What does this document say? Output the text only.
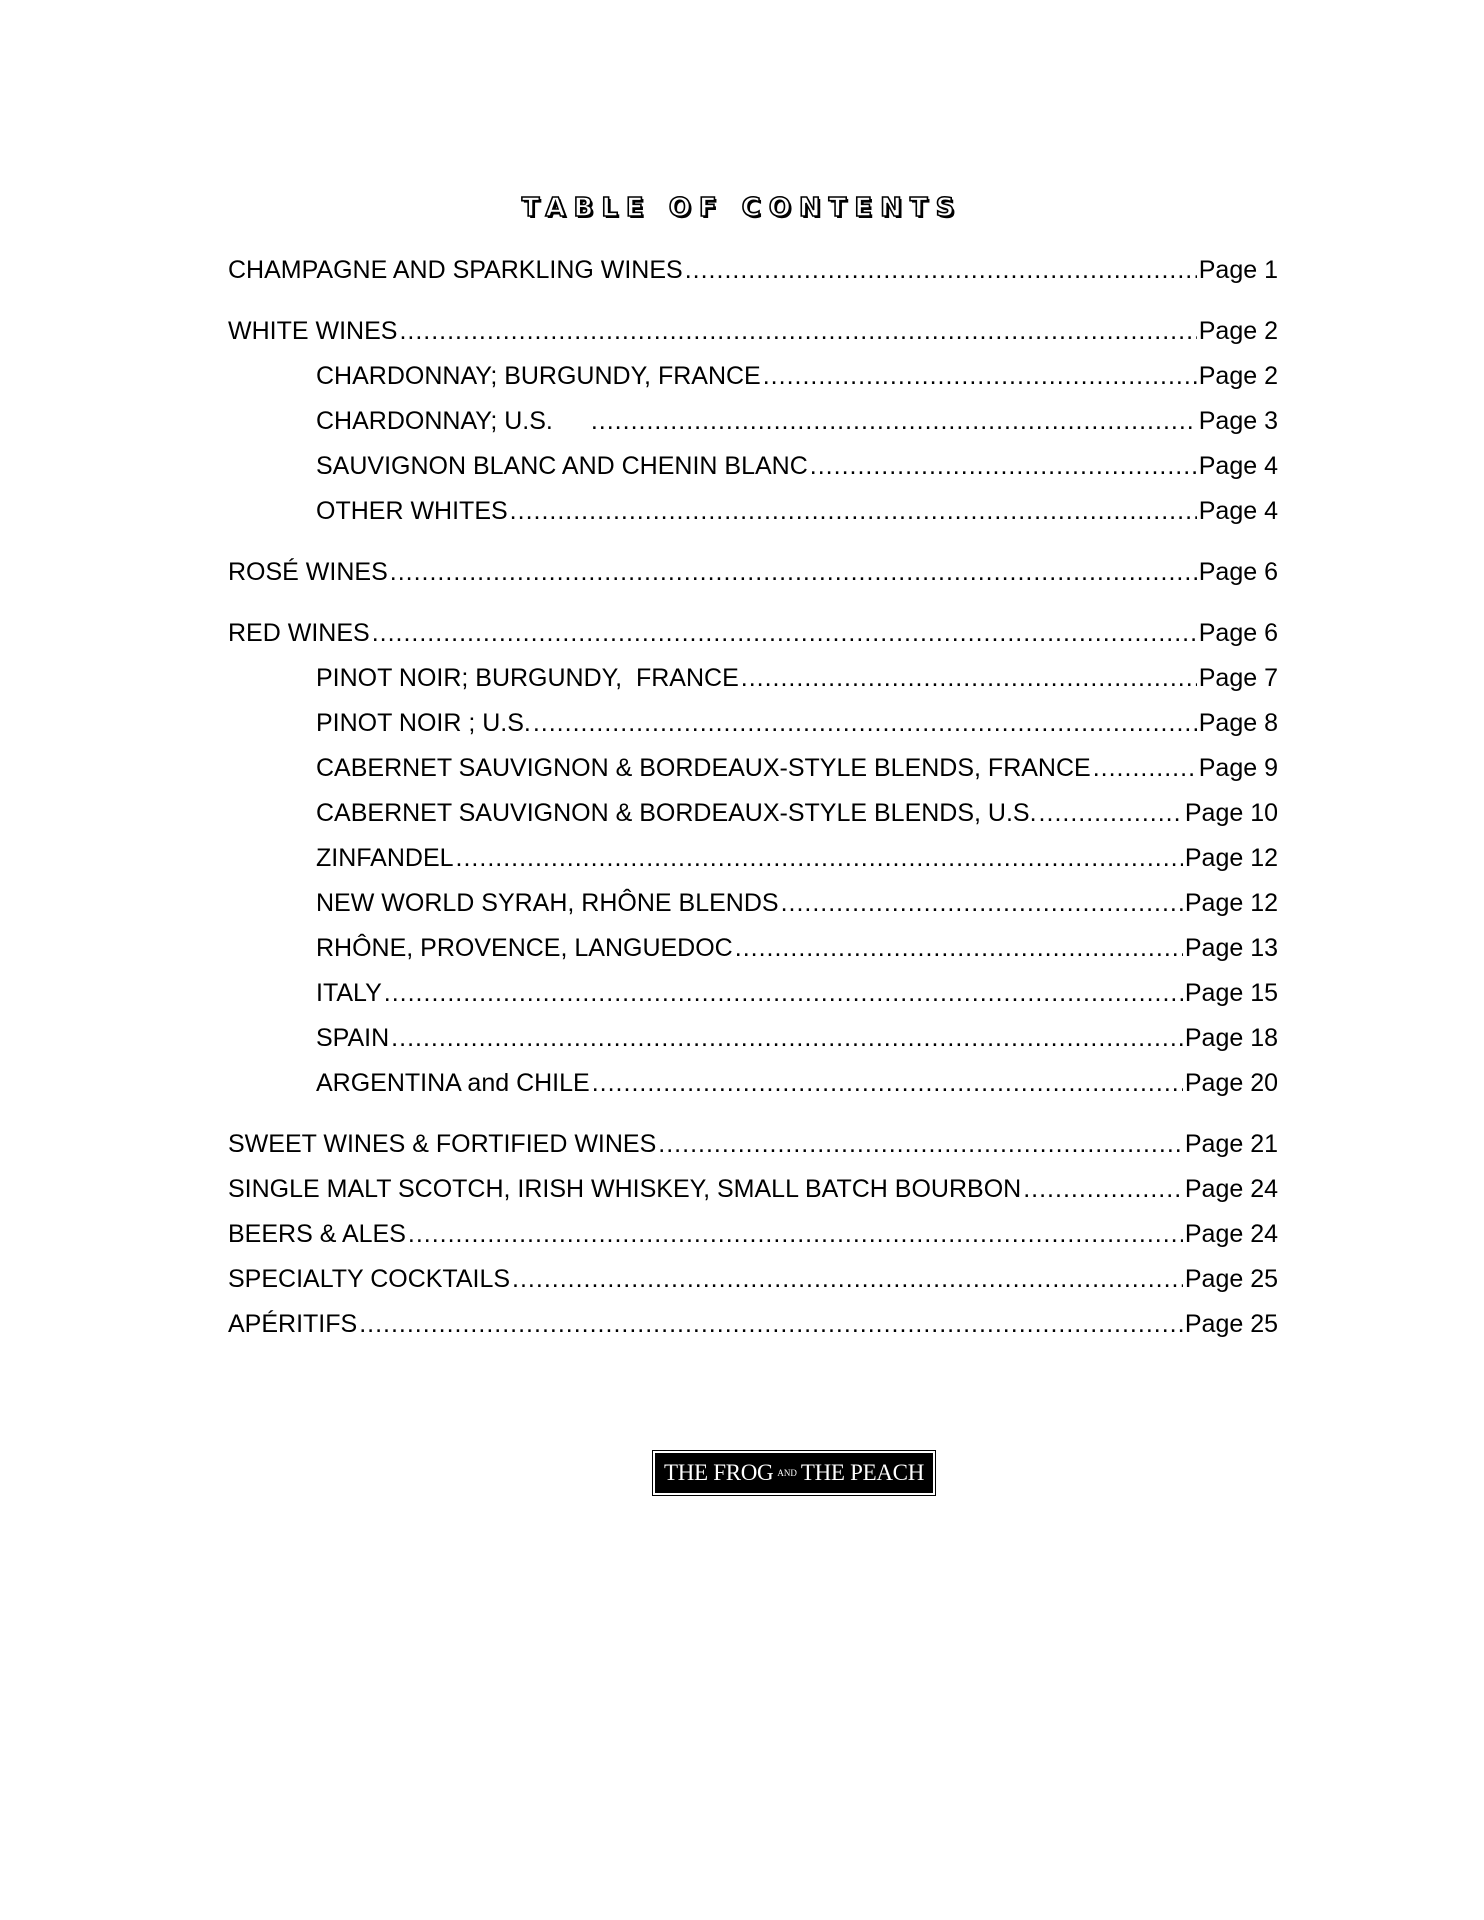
TABLE OF CONTENTS
CHAMPAGNE AND SPARKLING WINES .....	Page 1
WHITE WINES .....	Page 2
CHARDONNAY; BURGUNDY, FRANCE .....	Page 2
CHARDONNAY; U.S. .....	Page 3
SAUVIGNON BLANC AND CHENIN BLANC .....	Page 4
OTHER WHITES .....	Page 4
ROSÉ WINES .....	Page 6
RED WINES .....	Page 6
PINOT NOIR; BURGUNDY,  FRANCE .....	Page 7
PINOT NOIR ; U.S. .....	Page 8
CABERNET SAUVIGNON & BORDEAUX-STYLE BLENDS, FRANCE .....	Page 9
CABERNET SAUVIGNON & BORDEAUX-STYLE BLENDS, U.S. .....	Page 10
ZINFANDEL .....	Page 12
NEW WORLD SYRAH, RHÔNE BLENDS .....	Page 12
RHÔNE, PROVENCE, LANGUEDOC .....	Page 13
ITALY .....	Page 15
SPAIN .....	Page 18
ARGENTINA and CHILE .....	Page 20
SWEET WINES & FORTIFIED WINES .....	Page 21
SINGLE MALT SCOTCH, IRISH WHISKEY, SMALL BATCH BOURBON .....	Page 24
BEERS & ALES .....	Page 24
SPECIALTY COCKTAILS .....	Page 25
APÉRITIFS .....	Page 25
THE FROG AND THE PEACH
